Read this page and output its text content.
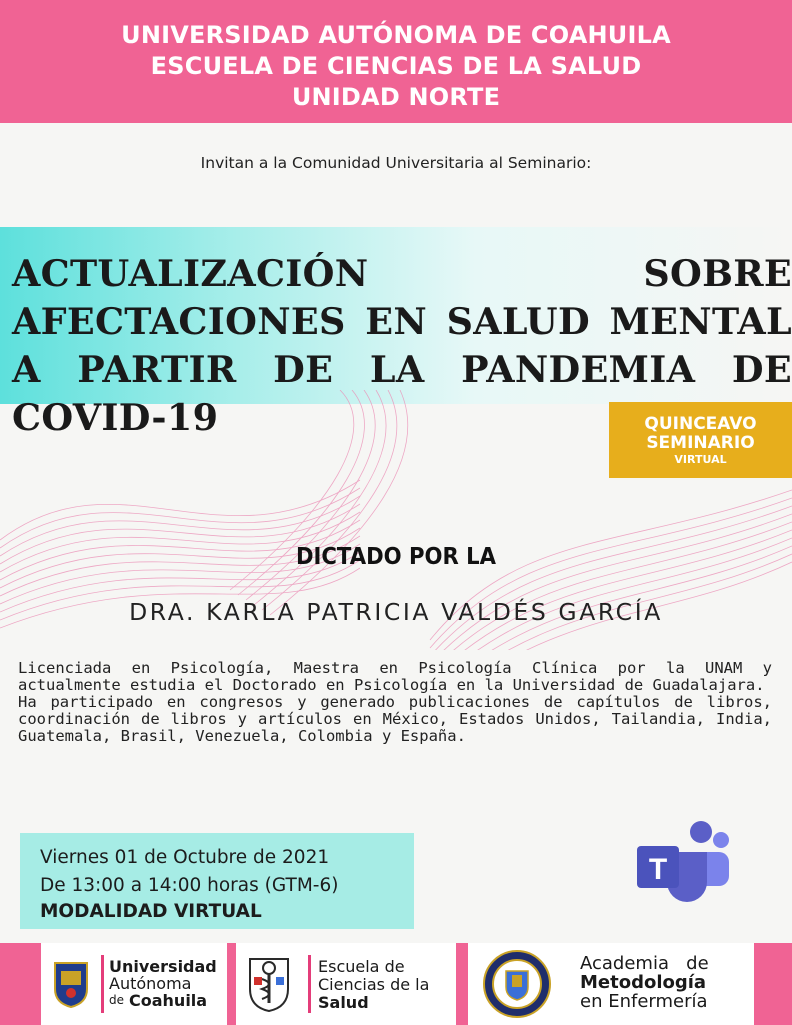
UNIVERSIDAD AUTÓNOMA DE COAHUILA
ESCUELA DE CIENCIAS DE LA SALUD
UNIDAD NORTE
Invitan a la Comunidad Universitaria al Seminario:
ACTUALIZACIÓN SOBRE AFECTACIONES EN SALUD MENTAL A PARTIR DE LA PANDEMIA DE COVID-19	QUINCEAVO
SEMINARIO
VIRTUAL
DICTADO POR LA
DRA. KARLA PATRICIA VALDÉS GARCÍA

Licenciada en Psicología, Maestra en Psicología Clínica por la UNAM y actualmente estudia el Doctorado en Psicología en la Universidad de Guadalajara.

Ha participado en congresos y generado publicaciones de capítulos de libros, coordinación de libros y artículos en México, Estados Unidos, Tailandia, India, Guatemala, Brasil, Venezuela, Colombia y España.

Viernes 01 de Octubre de 2021
De 13:00 a 14:00 horas (GTM-6)
MODALIDAD VIRTUAL
T
Universidad
Autónoma
de Coahuila
Escuela de
Ciencias de la
Salud
Academia   de
Metodología
en Enfermería
